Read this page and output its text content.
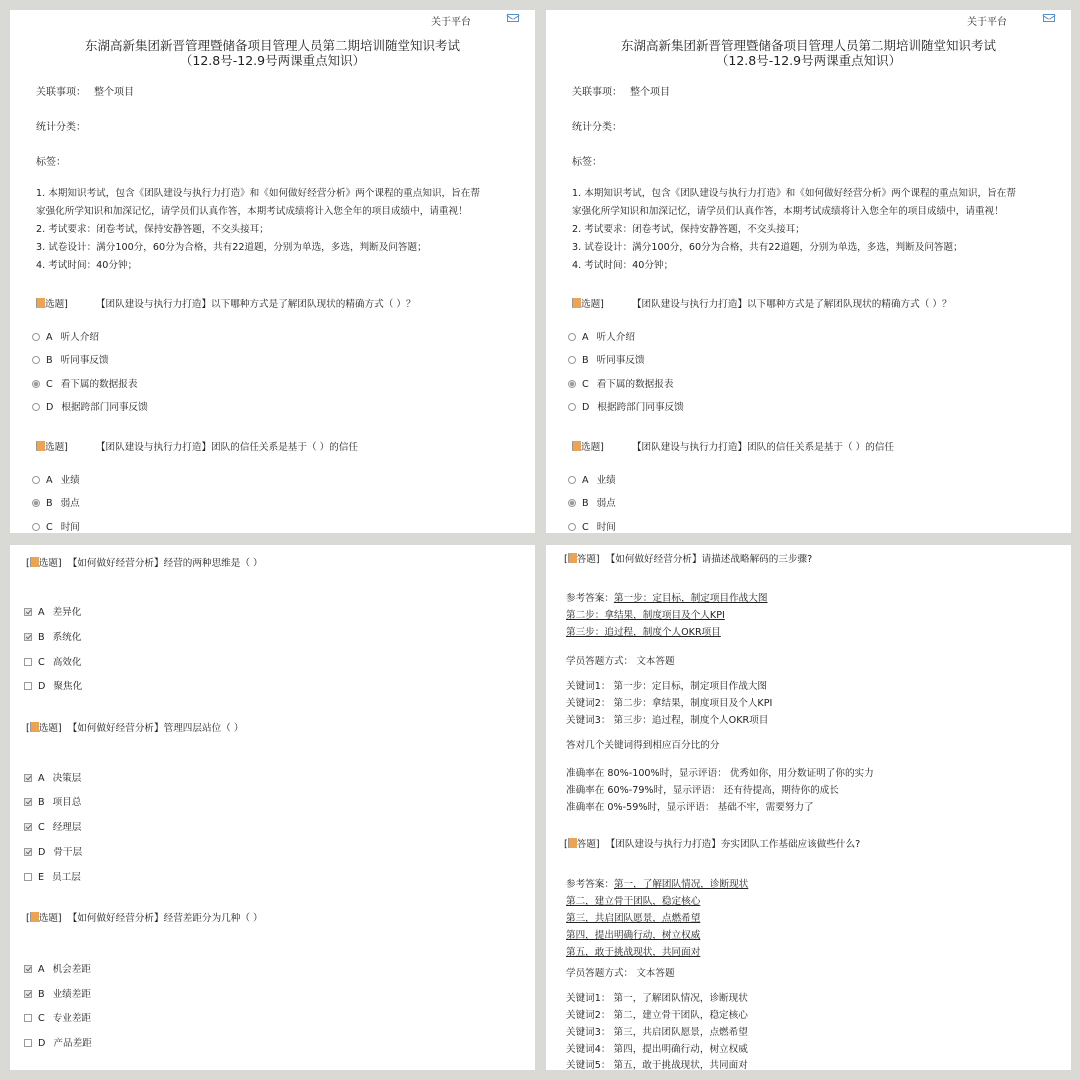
关于平台
东湖高新集团新晋管理暨储备项目管理人员第二期培训随堂知识考试
（12.8号-12.9号两课重点知识）
关联事项： 整个项目
统计分类：
标签：
1. 本期知识考试，包含《团队建设与执行力打造》和《如何做好经营分析》两个课程的重点知识，旨在帮
家强化所学知识和加深记忆，请学员们认真作答，本期考试成绩将计入您全年的项目成绩中，请重视！
2. 考试要求：闭卷考试，保持安静答题，不交头接耳；
3. 试卷设计：满分100分，60分为合格，共有22道题，分别为单选，多选，判断及问答题；
4. 考试时间：40分钟；
选题]	【团队建设与执行力打造】以下哪种方式是了解团队现状的精确方式（ ）？
A 听人介绍
B 听同事反馈
C 看下属的数据报表
D 根据跨部门同事反馈
选题]	【团队建设与执行力打造】团队的信任关系是基于（ ）的信任
A 业绩
B 弱点
C 时间
关于平台
东湖高新集团新晋管理暨储备项目管理人员第二期培训随堂知识考试
（12.8号-12.9号两课重点知识）
关联事项： 整个项目
统计分类：
标签：
1. 本期知识考试，包含《团队建设与执行力打造》和《如何做好经营分析》两个课程的重点知识，旨在帮
家强化所学知识和加深记忆，请学员们认真作答，本期考试成绩将计入您全年的项目成绩中，请重视！
2. 考试要求：闭卷考试，保持安静答题，不交头接耳；
3. 试卷设计：满分100分，60分为合格，共有22道题，分别为单选，多选，判断及问答题；
4. 考试时间：40分钟；
选题]	【团队建设与执行力打造】以下哪种方式是了解团队现状的精确方式（ ）？
A 听人介绍
B 听同事反馈
C 看下属的数据报表
D 根据跨部门同事反馈
选题]	【团队建设与执行力打造】团队的信任关系是基于（ ）的信任
A 业绩
B 弱点
C 时间
[ 选题] 【如何做好经营分析】经营的两种思维是（ ）
A 差异化
B 系统化
C 高效化
D 聚焦化
[ 选题] 【如何做好经营分析】管理四层站位（ ）
A 决策层
B 项目总
C 经理层
D 骨干层
E 员工层
[ 选题] 【如何做好经营分析】经营差距分为几种（ ）
A 机会差距
B 业绩差距
C 专业差距
D 产品差距
[ 答题] 【如何做好经营分析】请描述战略解码的三步骤?
参考答案：第一步：定目标，制定项目作战大图
第二步：拿结果，制度项目及个人KPI
第三步：追过程，制度个人OKR项目
学员答题方式： 文本答题
关键词1： 第一步：定目标，制定项目作战大图
关键词2： 第二步：拿结果，制度项目及个人KPI
关键词3： 第三步：追过程，制度个人OKR项目
答对几个关键词得到相应百分比的分
准确率在 80%-100%时，显示评语： 优秀如你，用分数证明了你的实力
准确率在 60%-79%时，显示评语： 还有待提高，期待你的成长
准确率在 0%-59%时，显示评语： 基础不牢，需要努力了
[ 答题] 【团队建设与执行力打造】夯实团队工作基础应该做些什么?
参考答案：第一，了解团队情况，诊断现状
第二，建立骨干团队，稳定核心
第三，共启团队愿景，点燃希望
第四，提出明确行动，树立权威
第五，敢于挑战现状，共同面对
学员答题方式： 文本答题
关键词1： 第一，了解团队情况，诊断现状
关键词2： 第二，建立骨干团队，稳定核心
关键词3： 第三，共启团队愿景，点燃希望
关键词4： 第四，提出明确行动，树立权威
关键词5： 第五，敢于挑战现状，共同面对
